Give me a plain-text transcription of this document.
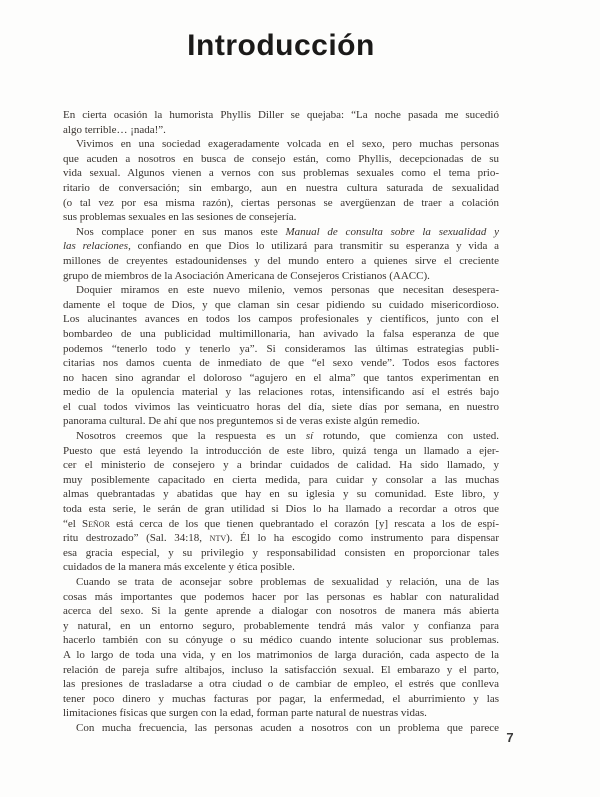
Introducción
En cierta ocasión la humorista Phyllis Diller se quejaba: “La noche pasada me sucedió
algo terrible… ¡nada!”.
Vivimos en una sociedad exageradamente volcada en el sexo, pero muchas personas
que acuden a nosotros en busca de consejo están, como Phyllis, decepcionadas de su
vida sexual. Algunos vienen a vernos con sus problemas sexuales como el tema prio-
ritario de conversación; sin embargo, aun en nuestra cultura saturada de sexualidad
(o tal vez por esa misma razón), ciertas personas se avergüenzan de traer a colación
sus problemas sexuales en las sesiones de consejería.
Nos complace poner en sus manos este Manual de consulta sobre la sexualidad y
las relaciones, confiando en que Dios lo utilizará para transmitir su esperanza y vida a
millones de creyentes estadounidenses y del mundo entero a quienes sirve el creciente
grupo de miembros de la Asociación Americana de Consejeros Cristianos (AACC).
Doquier miramos en este nuevo milenio, vemos personas que necesitan desespera-
damente el toque de Dios, y que claman sin cesar pidiendo su cuidado misericordioso.
Los alucinantes avances en todos los campos profesionales y científicos, junto con el
bombardeo de una publicidad multimillonaria, han avivado la falsa esperanza de que
podemos “tenerlo todo y tenerlo ya”. Si consideramos las últimas estrategias publi-
citarias nos damos cuenta de inmediato de que “el sexo vende”. Todos esos factores
no hacen sino agrandar el doloroso “agujero en el alma” que tantos experimentan en
medio de la opulencia material y las relaciones rotas, intensificando así el estrés bajo
el cual todos vivimos las veinticuatro horas del día, siete días por semana, en nuestro
panorama cultural. De ahí que nos preguntemos si de veras existe algún remedio.
Nosotros creemos que la respuesta es un sí rotundo, que comienza con usted.
Puesto que está leyendo la introducción de este libro, quizá tenga un llamado a ejer-
cer el ministerio de consejero y a brindar cuidados de calidad. Ha sido llamado, y
muy posiblemente capacitado en cierta medida, para cuidar y consolar a las muchas
almas quebrantadas y abatidas que hay en su iglesia y su comunidad. Este libro, y
toda esta serie, le serán de gran utilidad si Dios lo ha llamado a recordar a otros que
“el Señor está cerca de los que tienen quebrantado el corazón [y] rescata a los de espí-
ritu destrozado” (Sal. 34:18, ntv). Él lo ha escogido como instrumento para dispensar
esa gracia especial, y su privilegio y responsabilidad consisten en proporcionar tales
cuidados de la manera más excelente y ética posible.
Cuando se trata de aconsejar sobre problemas de sexualidad y relación, una de las
cosas más importantes que podemos hacer por las personas es hablar con naturalidad
acerca del sexo. Si la gente aprende a dialogar con nosotros de manera más abierta
y natural, en un entorno seguro, probablemente tendrá más valor y confianza para
hacerlo también con su cónyuge o su médico cuando intente solucionar sus problemas.
A lo largo de toda una vida, y en los matrimonios de larga duración, cada aspecto de la
relación de pareja sufre altibajos, incluso la satisfacción sexual. El embarazo y el parto,
las presiones de trasladarse a otra ciudad o de cambiar de empleo, el estrés que conlleva
tener poco dinero y muchas facturas por pagar, la enfermedad, el aburrimiento y las
limitaciones físicas que surgen con la edad, forman parte natural de nuestras vidas.
Con mucha frecuencia, las personas acuden a nosotros con un problema que parece
7
